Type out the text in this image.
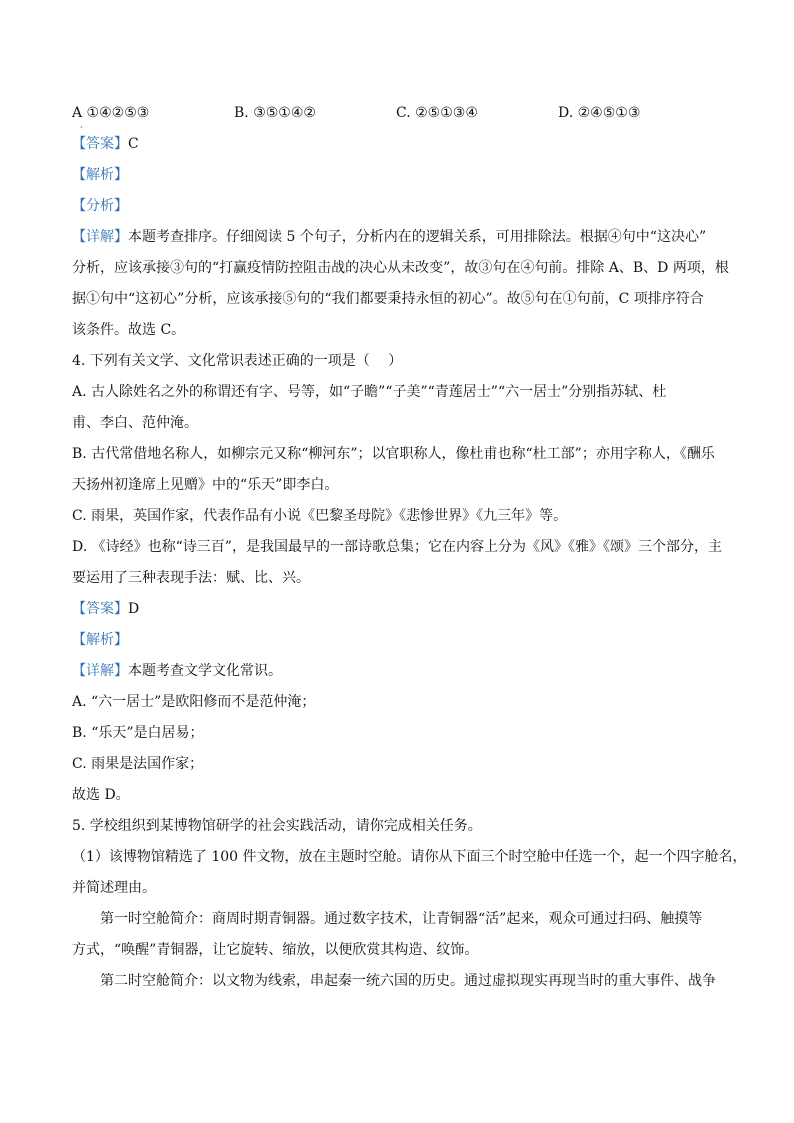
A ①④②⑤③	B. ③⑤①④②	C. ②⑤①③④	D. ②④⑤①③
【答案】C
【解析】
【分析】
【详解】本题考查排序。仔细阅读 5 个句子，分析内在的逻辑关系，可用排除法。根据④句中“这决心”
分析，应该承接③句的“打赢疫情防控阻击战的决心从未改变”，故③句在④句前。排除 A、B、D 两项，根
据①句中“这初心”分析，应该承接⑤句的“我们都要秉持永恒的初心”。故⑤句在①句前，C 项排序符合
该条件。故选 C。
4. 下列有关文学、文化常识表述正确的一项是（　 ）
A. 古人除姓名之外的称谓还有字、号等，如“子瞻”“子美”“青莲居士”“六一居士”分别指苏轼、杜
甫、李白、范仲淹。
B. 古代常借地名称人，如柳宗元又称“柳河东”；以官职称人，像杜甫也称“杜工部”；亦用字称人，《酬乐
天扬州初逢席上见赠》中的“乐天”即李白。
C. 雨果，英国作家，代表作品有小说《巴黎圣母院》《悲惨世界》《九三年》等。
D. 《诗经》也称“诗三百”，是我国最早的一部诗歌总集；它在内容上分为《风》《雅》《颂》三个部分，主
要运用了三种表现手法：赋、比、兴。
【答案】D
【解析】
【详解】本题考查文学文化常识。
A. “六一居士”是欧阳修而不是范仲淹；
B. “乐天”是白居易；
C. 雨果是法国作家；
故选 D。
5. 学校组织到某博物馆研学的社会实践活动，请你完成相关任务。
（1）该博物馆精选了 100 件文物，放在主题时空舱。请你从下面三个时空舱中任选一个，起一个四字舱名，
并简述理由。
第一时空舱简介：商周时期青铜器。通过数字技术，让青铜器“活”起来，观众可通过扫码、触摸等
方式，“唤醒”青铜器，让它旋转、缩放，以便欣赏其构造、纹饰。
第二时空舱简介：以文物为线索，串起秦一统六国的历史。通过虚拟现实再现当时的重大事件、战争
·
